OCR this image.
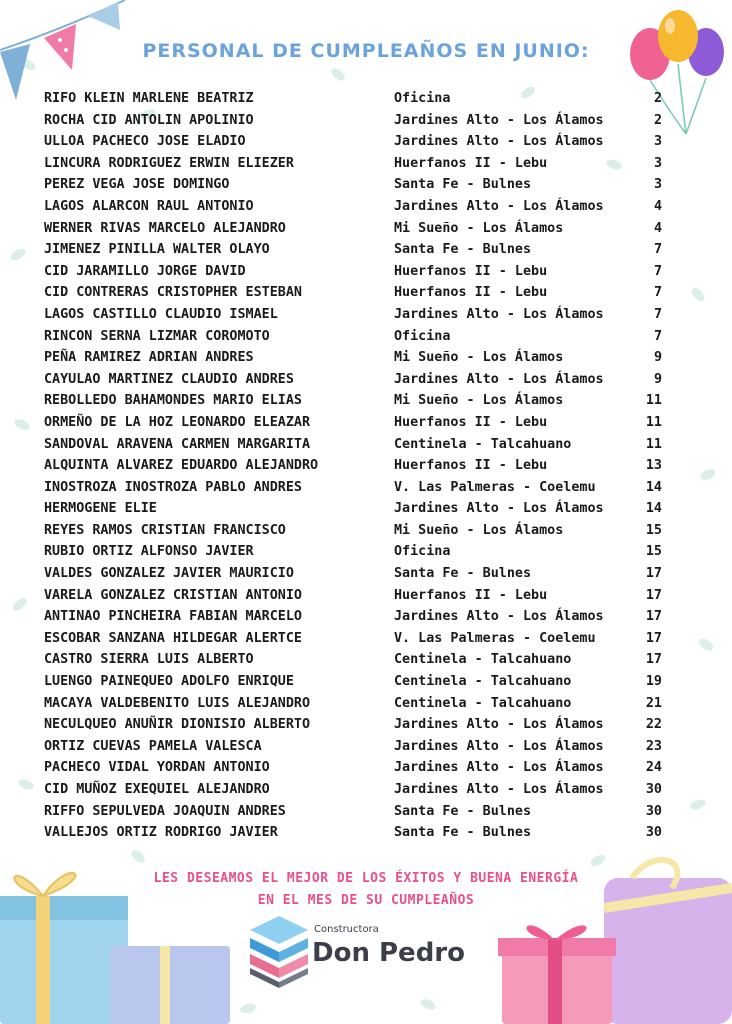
PERSONAL DE CUMPLEAÑOS EN JUNIO:
RIFO KLEIN MARLENE BEATRIZ	Oficina	2
ROCHA CID ANTOLIN APOLINIO	Jardines Alto - Los Álamos	2
ULLOA PACHECO JOSE ELADIO	Jardines Alto - Los Álamos	3
LINCURA RODRIGUEZ ERWIN ELIEZER	Huerfanos II - Lebu	3
PEREZ VEGA JOSE DOMINGO	Santa Fe - Bulnes	3
LAGOS ALARCON RAUL ANTONIO	Jardines Alto - Los Álamos	4
WERNER RIVAS MARCELO ALEJANDRO	Mi Sueño - Los Álamos	4
JIMENEZ PINILLA WALTER OLAYO	Santa Fe - Bulnes	7
CID JARAMILLO JORGE DAVID	Huerfanos II - Lebu	7
CID CONTRERAS CRISTOPHER ESTEBAN	Huerfanos II - Lebu	7
LAGOS CASTILLO CLAUDIO ISMAEL	Jardines Alto - Los Álamos	7
RINCON SERNA LIZMAR COROMOTO	Oficina	7
PEÑA RAMIREZ ADRIAN ANDRES	Mi Sueño - Los Álamos	9
CAYULAO MARTINEZ CLAUDIO ANDRES	Jardines Alto - Los Álamos	9
REBOLLEDO BAHAMONDES MARIO ELIAS	Mi Sueño - Los Álamos	11
ORMEÑO DE LA HOZ LEONARDO ELEAZAR	Huerfanos II - Lebu	11
SANDOVAL ARAVENA CARMEN MARGARITA	Centinela - Talcahuano	11
ALQUINTA ALVAREZ EDUARDO ALEJANDRO	Huerfanos II - Lebu	13
INOSTROZA INOSTROZA PABLO ANDRES	V. Las Palmeras - Coelemu	14
HERMOGENE ELIE	Jardines Alto - Los Álamos	14
REYES RAMOS CRISTIAN FRANCISCO	Mi Sueño - Los Álamos	15
RUBIO ORTIZ ALFONSO JAVIER	Oficina	15
VALDES GONZALEZ JAVIER MAURICIO	Santa Fe - Bulnes	17
VARELA GONZALEZ CRISTIAN ANTONIO	Huerfanos II - Lebu	17
ANTINAO PINCHEIRA FABIAN MARCELO	Jardines Alto - Los Álamos	17
ESCOBAR SANZANA HILDEGAR ALERTCE	V. Las Palmeras - Coelemu	17
CASTRO SIERRA LUIS ALBERTO	Centinela - Talcahuano	17
LUENGO PAINEQUEO ADOLFO ENRIQUE	Centinela - Talcahuano	19
MACAYA VALDEBENITO LUIS ALEJANDRO	Centinela - Talcahuano	21
NECULQUEO ANUÑIR DIONISIO ALBERTO	Jardines Alto - Los Álamos	22
ORTIZ CUEVAS PAMELA VALESCA	Jardines Alto - Los Álamos	23
PACHECO VIDAL YORDAN ANTONIO	Jardines Alto - Los Álamos	24
CID MUÑOZ EXEQUIEL ALEJANDRO	Jardines Alto - Los Álamos	30
RIFFO SEPULVEDA JOAQUIN ANDRES	Santa Fe - Bulnes	30
VALLEJOS ORTIZ RODRIGO JAVIER	Santa Fe - Bulnes	30
LES DESEAMOS EL MEJOR DE LOS ÉXITOS Y BUENA ENERGÍA
EN EL MES DE SU CUMPLEAÑOS
Constructora
Don Pedro
